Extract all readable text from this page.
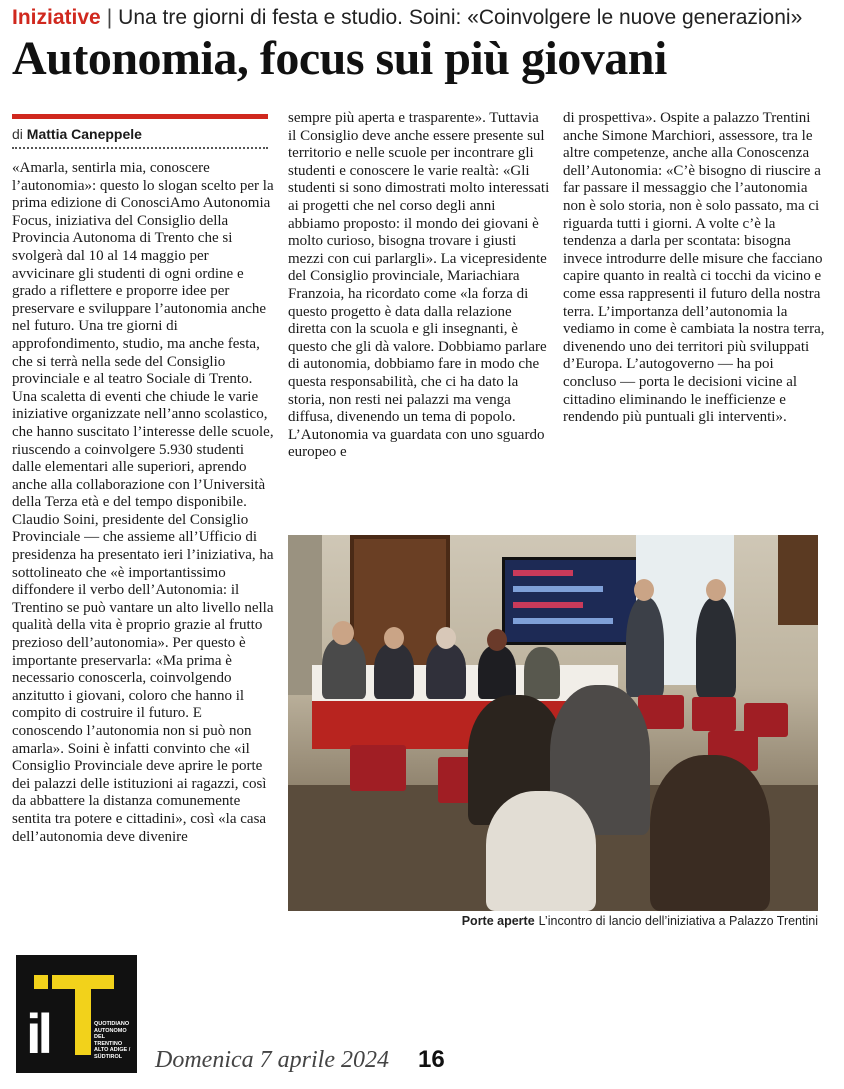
Iniziative | Una tre giorni di festa e studio. Soini: «Coinvolgere le nuove generazioni»
Autonomia, focus sui più giovani
di Mattia Caneppele

«Amarla, sentirla mia, conoscere l’autonomia»: questo lo slogan scelto per la prima edizione di ConosciAmo Autonomia Focus, iniziativa del Consiglio della Provincia Autonoma di Trento che si svolgerà dal 10 al 14 maggio per avvicinare gli studenti di ogni ordine e grado a riflettere e proporre idee per preservare e sviluppare l’autonomia anche nel futuro. Una tre giorni di approfondimento, studio, ma anche festa, che si terrà nella sede del Consiglio provinciale e al teatro Sociale di Trento. Una scaletta di eventi che chiude le varie iniziative organizzate nell’anno scolastico, che hanno suscitato l’interesse delle scuole, riuscendo a coinvolgere 5.930 studenti dalle elementari alle superiori, aprendo anche alla collaborazione con l’Università della Terza età e del tempo disponibile. Claudio Soini, presidente del Consiglio Provinciale — che assieme all’Ufficio di presidenza ha presentato ieri l’iniziativa, ha sottolineato che «è importantissimo diffondere il verbo dell’Autonomia: il Trentino se può vantare un alto livello nella qualità della vita è proprio grazie al frutto prezioso dell’autonomia». Per questo è importante preservarla: «Ma prima è necessario conoscerla, coinvolgendo anzitutto i giovani, coloro che hanno il compito di costruire il futuro. E conoscendo l’autonomia non si può non amarla». Soini è infatti convinto che «il Consiglio Provinciale deve aprire le porte dei palazzi delle istituzioni ai ragazzi, così da abbattere la distanza comunemente sentita tra potere e cittadini», così «la casa dell’autonomia deve divenire

sempre più aperta e trasparente». Tuttavia il Consiglio deve anche essere presente sul territorio e nelle scuole per incontrare gli studenti e conoscere le varie realtà: «Gli studenti si sono dimostrati molto interessati ai progetti che nel corso degli anni abbiamo proposto: il mondo dei giovani è molto curioso, bisogna trovare i giusti mezzi con cui parlargli». La vicepresidente del Consiglio provinciale, Mariachiara Franzoia, ha ricordato come «la forza di questo progetto è data dalla relazione diretta con la scuola e gli insegnanti, è questo che gli dà valore. Dobbiamo parlare di autonomia, dobbiamo fare in modo che questa responsabilità, che ci ha dato la storia, non resti nei palazzi ma venga diffusa, divenendo un tema di popolo. L’Autonomia va guardata con uno sguardo europeo e

di prospettiva». Ospite a palazzo Trentini anche Simone Marchiori, assessore, tra le altre competenze, anche alla Conoscenza dell’Autonomia: «C’è bisogno di riuscire a far passare il messaggio che l’autonomia non è solo storia, non è solo passato, ma ci riguarda tutti i giorni. A volte c’è la tendenza a darla per scontata: bisogna invece introdurre delle misure che facciano capire quanto in realtà ci tocchi da vicino e come essa rappresenti il futuro della nostra terra. L’importanza dell’autonomia la vediamo in come è cambiata la nostra terra, divenendo uno dei territori più sviluppati d’Europa. L’autogoverno — ha poi concluso — porta le decisioni vicine al cittadino eliminando le inefficienze e rendendo più puntuali gli interventi».

Porte aperte L’incontro di lancio dell’iniziativa a Palazzo Trentini
il	QUOTIDIANO
AUTONOMO
DEL TRENTINO
ALTO ADIGE /
SÜDTIROL	Domenica 7 aprile 2024 16
